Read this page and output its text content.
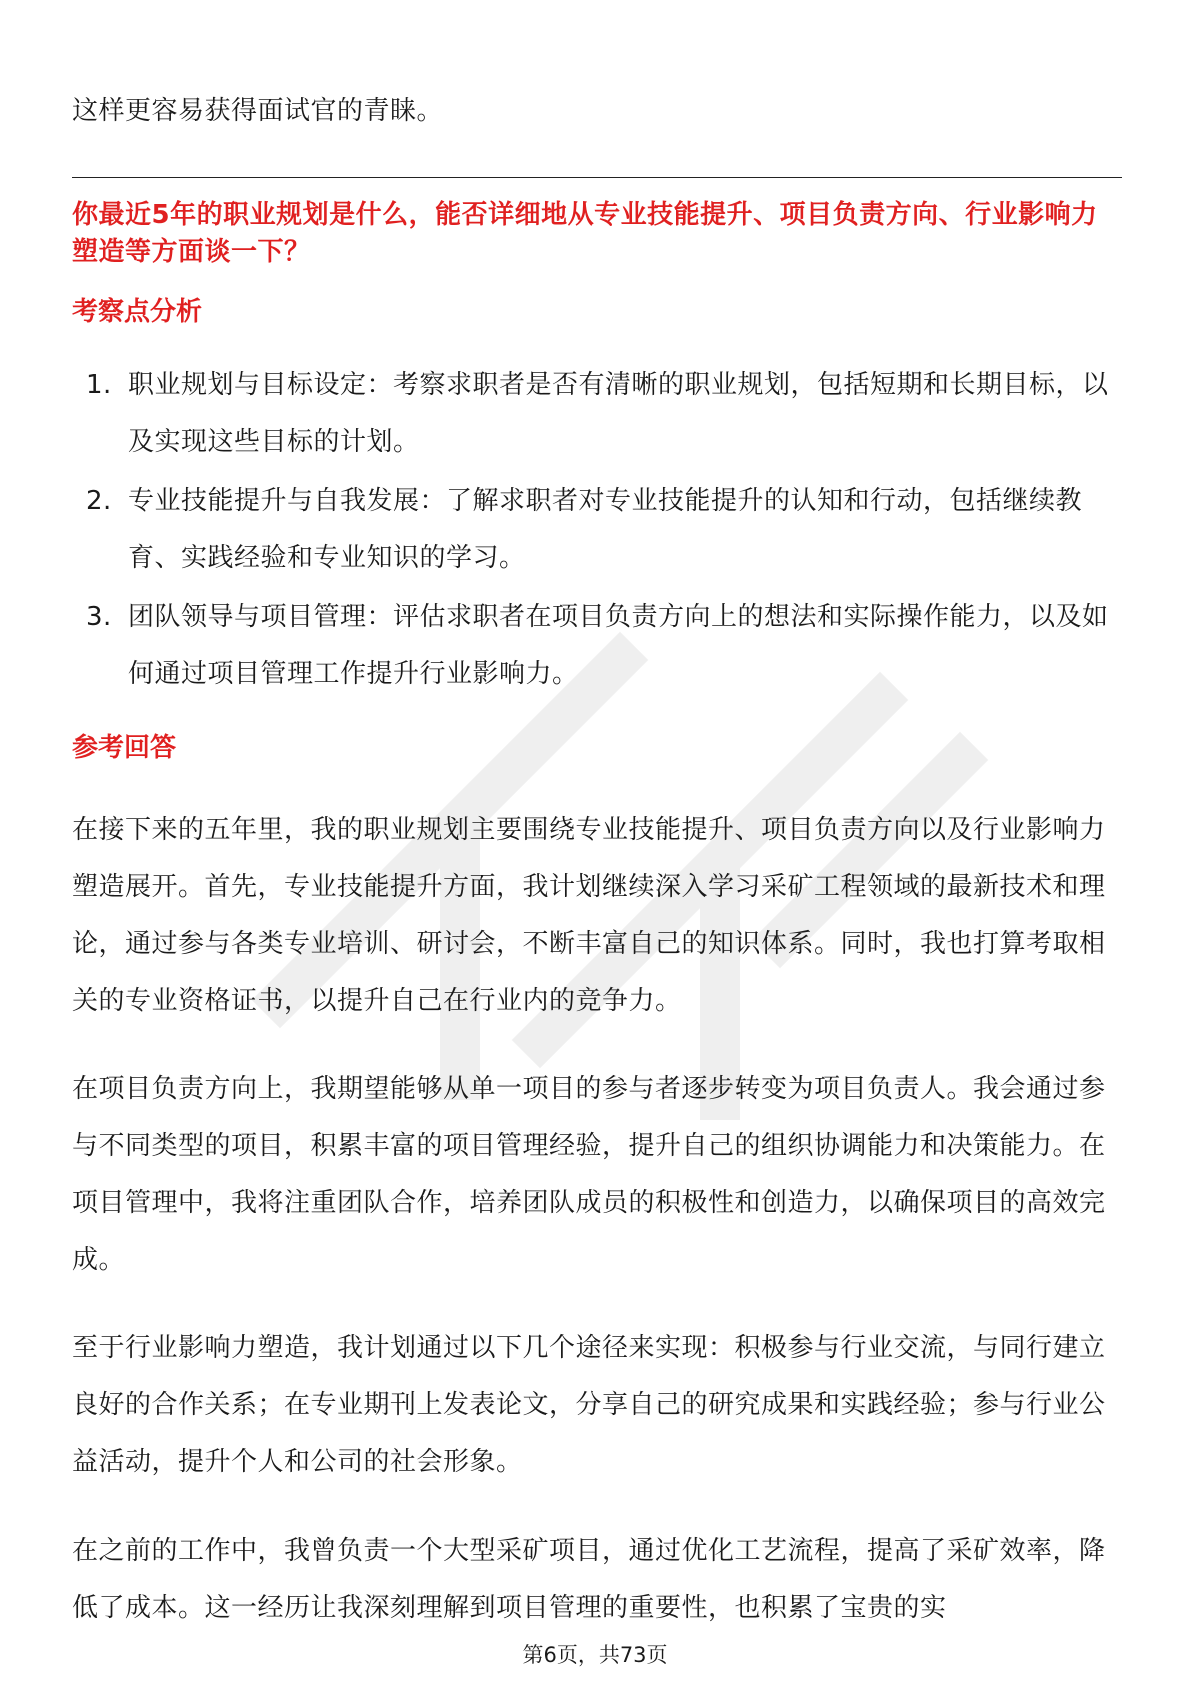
这样更容易获得面试官的青睐。

你最近5年的职业规划是什么，能否详细地从专业技能提升、项目负责方向、行业影响力塑造等方面谈一下？

考察点分析

1. 职业规划与目标设定：考察求职者是否有清晰的职业规划，包括短期和长期目标，以及实现这些目标的计划。
2. 专业技能提升与自我发展：了解求职者对专业技能提升的认知和行动，包括继续教育、实践经验和专业知识的学习。
3. 团队领导与项目管理：评估求职者在项目负责方向上的想法和实际操作能力，以及如何通过项目管理工作提升行业影响力。

参考回答

在接下来的五年里，我的职业规划主要围绕专业技能提升、项目负责方向以及行业影响力塑造展开。首先，专业技能提升方面，我计划继续深入学习采矿工程领域的最新技术和理论，通过参与各类专业培训、研讨会，不断丰富自己的知识体系。同时，我也打算考取相关的专业资格证书，以提升自己在行业内的竞争力。

在项目负责方向上，我期望能够从单一项目的参与者逐步转变为项目负责人。我会通过参与不同类型的项目，积累丰富的项目管理经验，提升自己的组织协调能力和决策能力。在项目管理中，我将注重团队合作，培养团队成员的积极性和创造力，以确保项目的高效完成。

至于行业影响力塑造，我计划通过以下几个途径来实现：积极参与行业交流，与同行建立良好的合作关系；在专业期刊上发表论文，分享自己的研究成果和实践经验；参与行业公益活动，提升个人和公司的社会形象。

在之前的工作中，我曾负责一个大型采矿项目，通过优化工艺流程，提高了采矿效率，降低了成本。这一经历让我深刻理解到项目管理的重要性，也积累了宝贵的实

第6页，共73页
